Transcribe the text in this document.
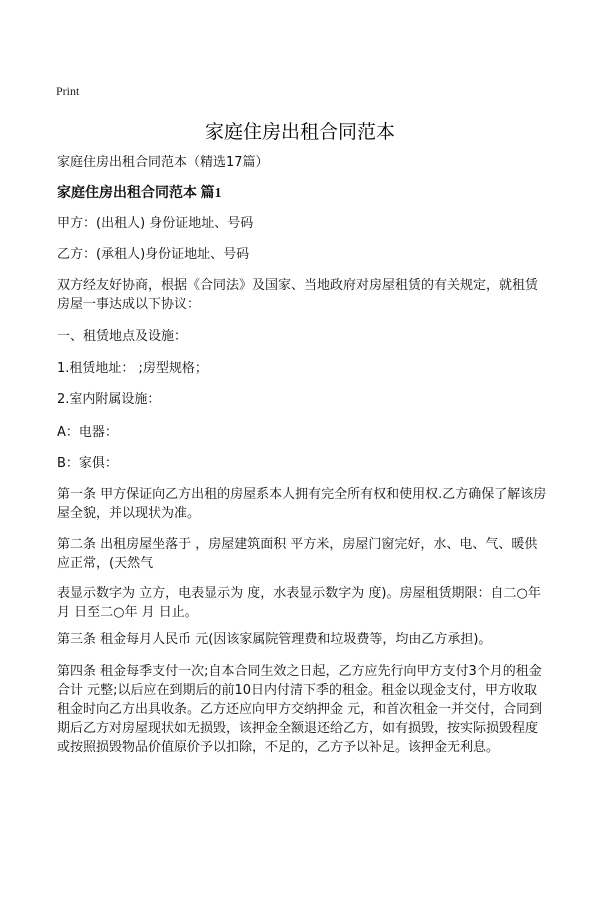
Print
家庭住房出租合同范本
家庭住房出租合同范本（精选17篇）
家庭住房出租合同范本 篇1
甲方：(出租人) 身份证地址、号码
乙方：(承租人)身份证地址、号码
双方经友好协商，根据《合同法》及国家、当地政府对房屋租赁的有关规定，就租赁房屋一事达成以下协议：
一、租赁地点及设施：
1.租赁地址： ;房型规格；
2.室内附属设施：
A：电器：
B：家俱：
第一条 甲方保证向乙方出租的房屋系本人拥有完全所有权和使用权.乙方确保了解该房屋全貌，并以现状为准。
第二条 出租房屋坐落于 ，房屋建筑面积 平方米，房屋门窗完好，水、电、气、暖供应正常，(天然气
表显示数字为 立方，电表显示为 度，水表显示数字为 度)。房屋租赁期限：自二○年 月 日至二○年 月 日止。
第三条 租金每月人民币 元(因该家属院管理费和垃圾费等，均由乙方承担)。
第四条 租金每季支付一次;自本合同生效之日起，乙方应先行向甲方支付3个月的租金合计 元整;以后应在到期后的前10日内付清下季的租金。租金以现金支付，甲方收取租金时向乙方出具收条。乙方还应向甲方交纳押金 元，和首次租金一并交付，合同到期后乙方对房屋现状如无损毁，该押金全额退还给乙方，如有损毁，按实际损毁程度或按照损毁物品价值原价予以扣除，不足的，乙方予以补足。该押金无利息。
